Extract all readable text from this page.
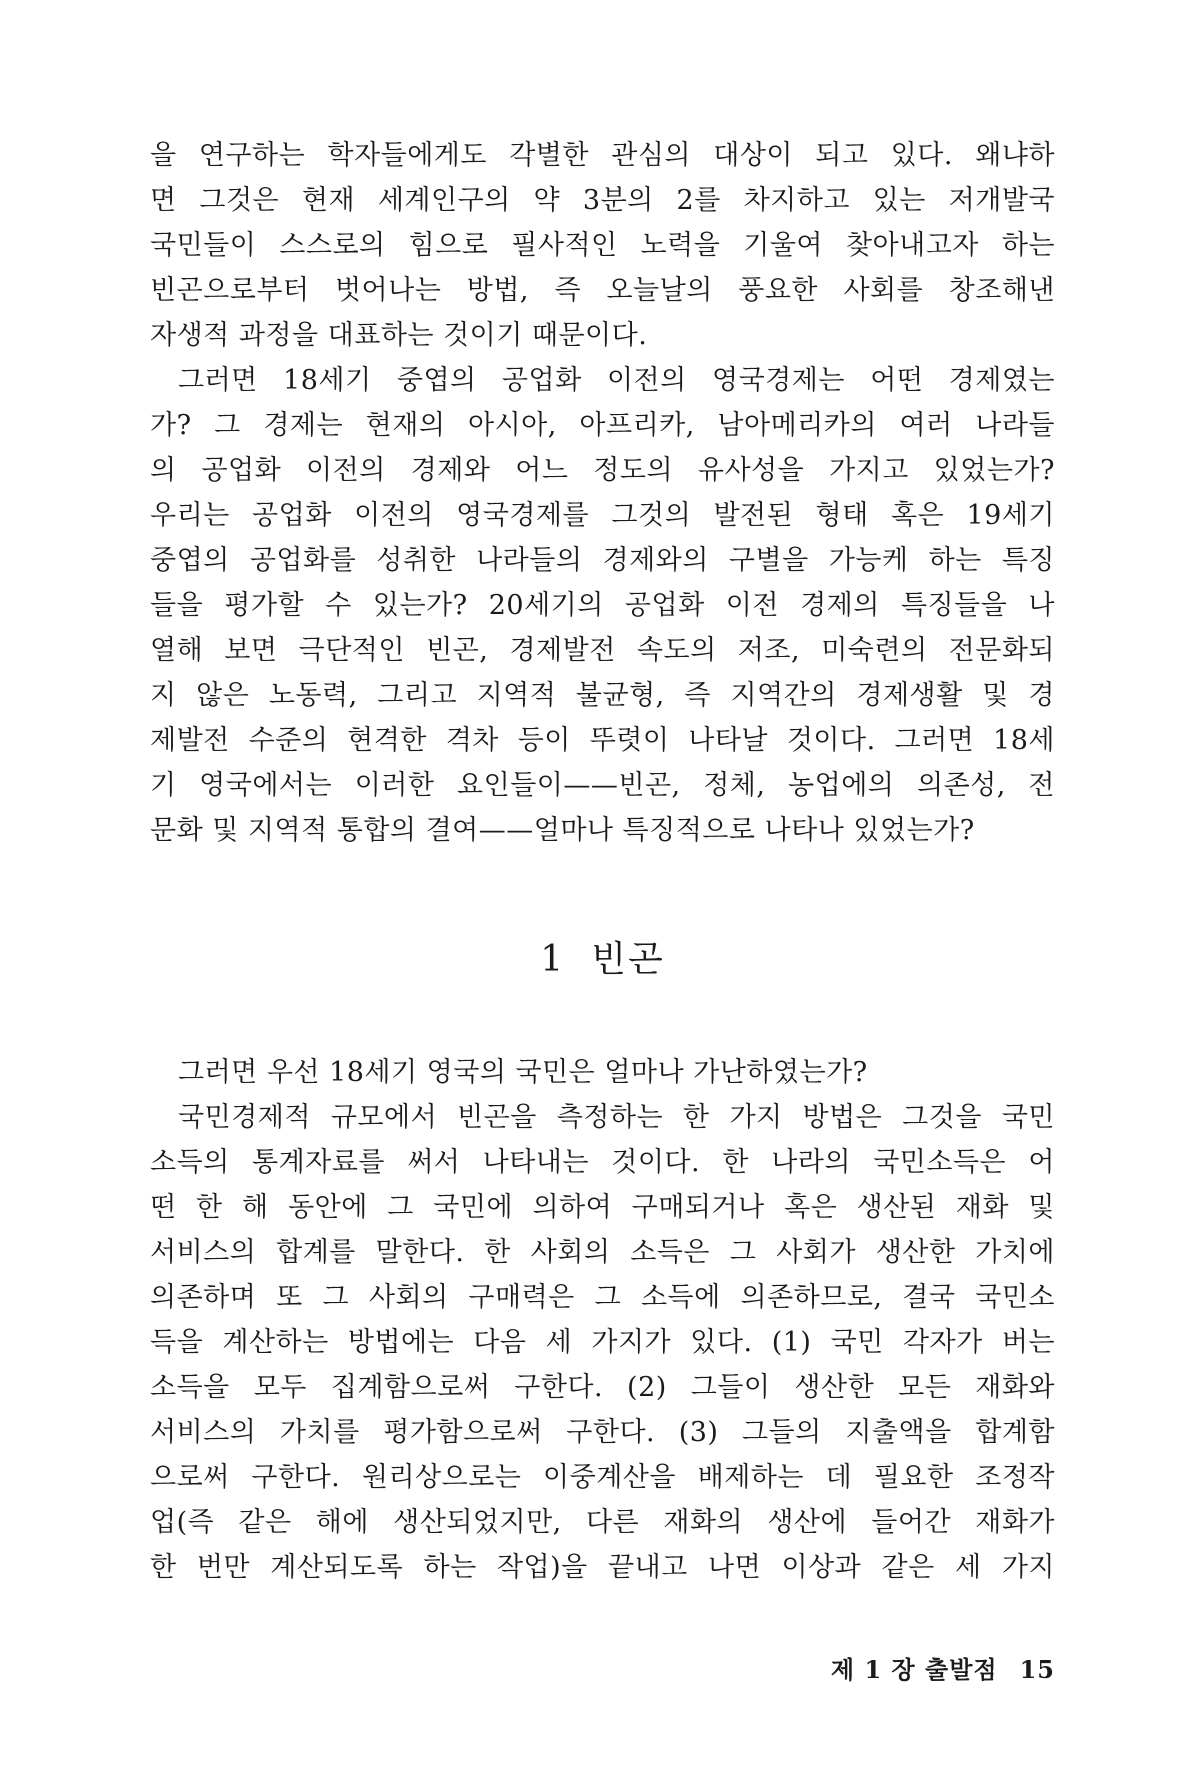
을 연구하는 학자들에게도 각별한 관심의 대상이 되고 있다. 왜냐하
면 그것은 현재 세계인구의 약 3분의 2를 차지하고 있는 저개발국
국민들이 스스로의 힘으로 필사적인 노력을 기울여 찾아내고자 하는
빈곤으로부터 벗어나는 방법, 즉 오늘날의 풍요한 사회를 창조해낸
자생적 과정을 대표하는 것이기 때문이다.
그러면 18세기 중엽의 공업화 이전의 영국경제는 어떤 경제였는
가? 그 경제는 현재의 아시아, 아프리카, 남아메리카의 여러 나라들
의 공업화 이전의 경제와 어느 정도의 유사성을 가지고 있었는가?
우리는 공업화 이전의 영국경제를 그것의 발전된 형태 혹은 19세기
중엽의 공업화를 성취한 나라들의 경제와의 구별을 가능케 하는 특징
들을 평가할 수 있는가? 20세기의 공업화 이전 경제의 특징들을 나
열해 보면 극단적인 빈곤, 경제발전 속도의 저조, 미숙련의 전문화되
지 않은 노동력, 그리고 지역적 불균형, 즉 지역간의 경제생활 및 경
제발전 수준의 현격한 격차 등이 뚜렷이 나타날 것이다. 그러면 18세
기 영국에서는 이러한 요인들이——빈곤, 정체, 농업에의 의존성, 전
문화 및 지역적 통합의 결여——얼마나 특징적으로 나타나 있었는가?
1 빈곤
그러면 우선 18세기 영국의 국민은 얼마나 가난하였는가?
국민경제적 규모에서 빈곤을 측정하는 한 가지 방법은 그것을 국민
소득의 통계자료를 써서 나타내는 것이다. 한 나라의 국민소득은 어
떤 한 해 동안에 그 국민에 의하여 구매되거나 혹은 생산된 재화 및
서비스의 합계를 말한다. 한 사회의 소득은 그 사회가 생산한 가치에
의존하며 또 그 사회의 구매력은 그 소득에 의존하므로, 결국 국민소
득을 계산하는 방법에는 다음 세 가지가 있다. (1) 국민 각자가 버는
소득을 모두 집계함으로써 구한다. (2) 그들이 생산한 모든 재화와
서비스의 가치를 평가함으로써 구한다. (3) 그들의 지출액을 합계함
으로써 구한다. 원리상으로는 이중계산을 배제하는 데 필요한 조정작
업(즉 같은 해에 생산되었지만, 다른 재화의 생산에 들어간 재화가
한 번만 계산되도록 하는 작업)을 끝내고 나면 이상과 같은 세 가지
제 1 장 출발점 15
